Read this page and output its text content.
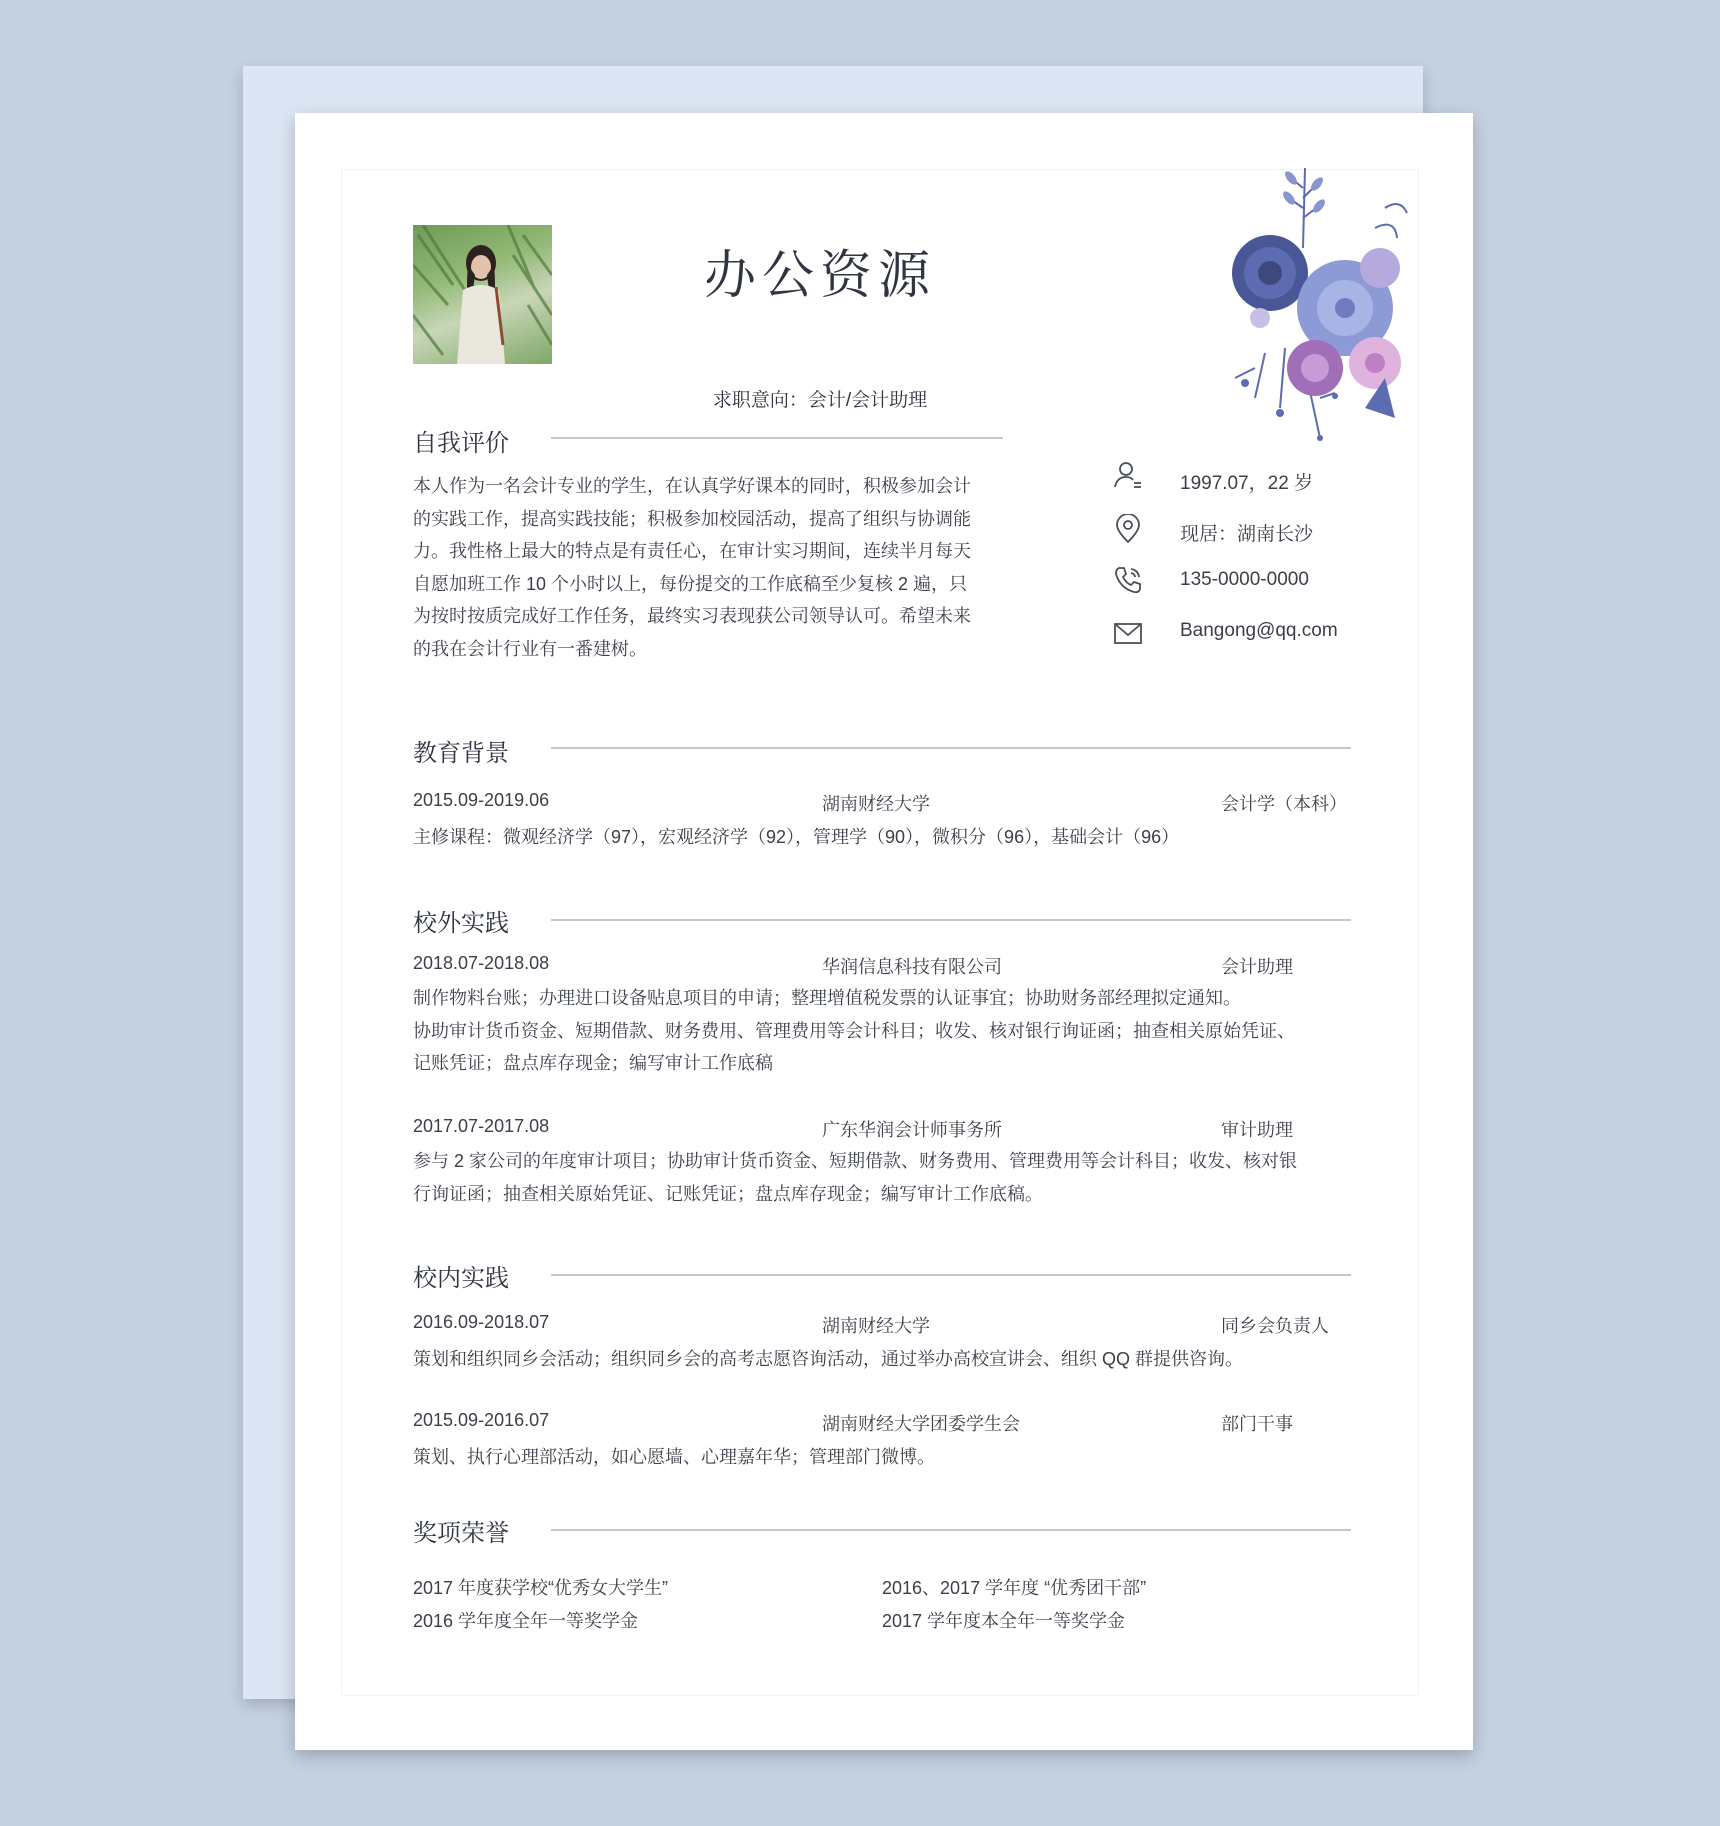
办公资源
求职意向：会计/会计助理
自我评价
本人作为一名会计专业的学生，在认真学好课本的同时，积极参加会计
的实践工作，提高实践技能；积极参加校园活动，提高了组织与协调能
力。我性格上最大的特点是有责任心，在审计实习期间，连续半月每天
自愿加班工作 10 个小时以上，每份提交的工作底稿至少复核 2 遍，只
为按时按质完成好工作任务，最终实习表现获公司领导认可。希望未来
的我在会计行业有一番建树。
1997.07，22 岁
现居：湖南长沙
135-0000-0000
Bangong@qq.com
教育背景
2015.09-2019.06	湖南财经大学	会计学（本科）
主修课程：微观经济学（97），宏观经济学（92），管理学（90），微积分（96），基础会计（96）
校外实践
2018.07-2018.08	华润信息科技有限公司	会计助理
制作物料台账；办理进口设备贴息项目的申请；整理增值税发票的认证事宜；协助财务部经理拟定通知。
协助审计货币资金、短期借款、财务费用、管理费用等会计科目；收发、核对银行询证函；抽查相关原始凭证、
记账凭证；盘点库存现金；编写审计工作底稿
2017.07-2017.08	广东华润会计师事务所	审计助理
参与 2 家公司的年度审计项目；协助审计货币资金、短期借款、财务费用、管理费用等会计科目；收发、核对银
行询证函；抽查相关原始凭证、记账凭证；盘点库存现金；编写审计工作底稿。
校内实践
2016.09-2018.07	湖南财经大学	同乡会负责人
策划和组织同乡会活动；组织同乡会的高考志愿咨询活动，通过举办高校宣讲会、组织 QQ 群提供咨询。
2015.09-2016.07	湖南财经大学团委学生会	部门干事
策划、执行心理部活动，如心愿墙、心理嘉年华；管理部门微博。
奖项荣誉
2017 年度获学校“优秀女大学生”	2016、2017 学年度 “优秀团干部”
2016 学年度全年一等奖学金	2017 学年度本全年一等奖学金
